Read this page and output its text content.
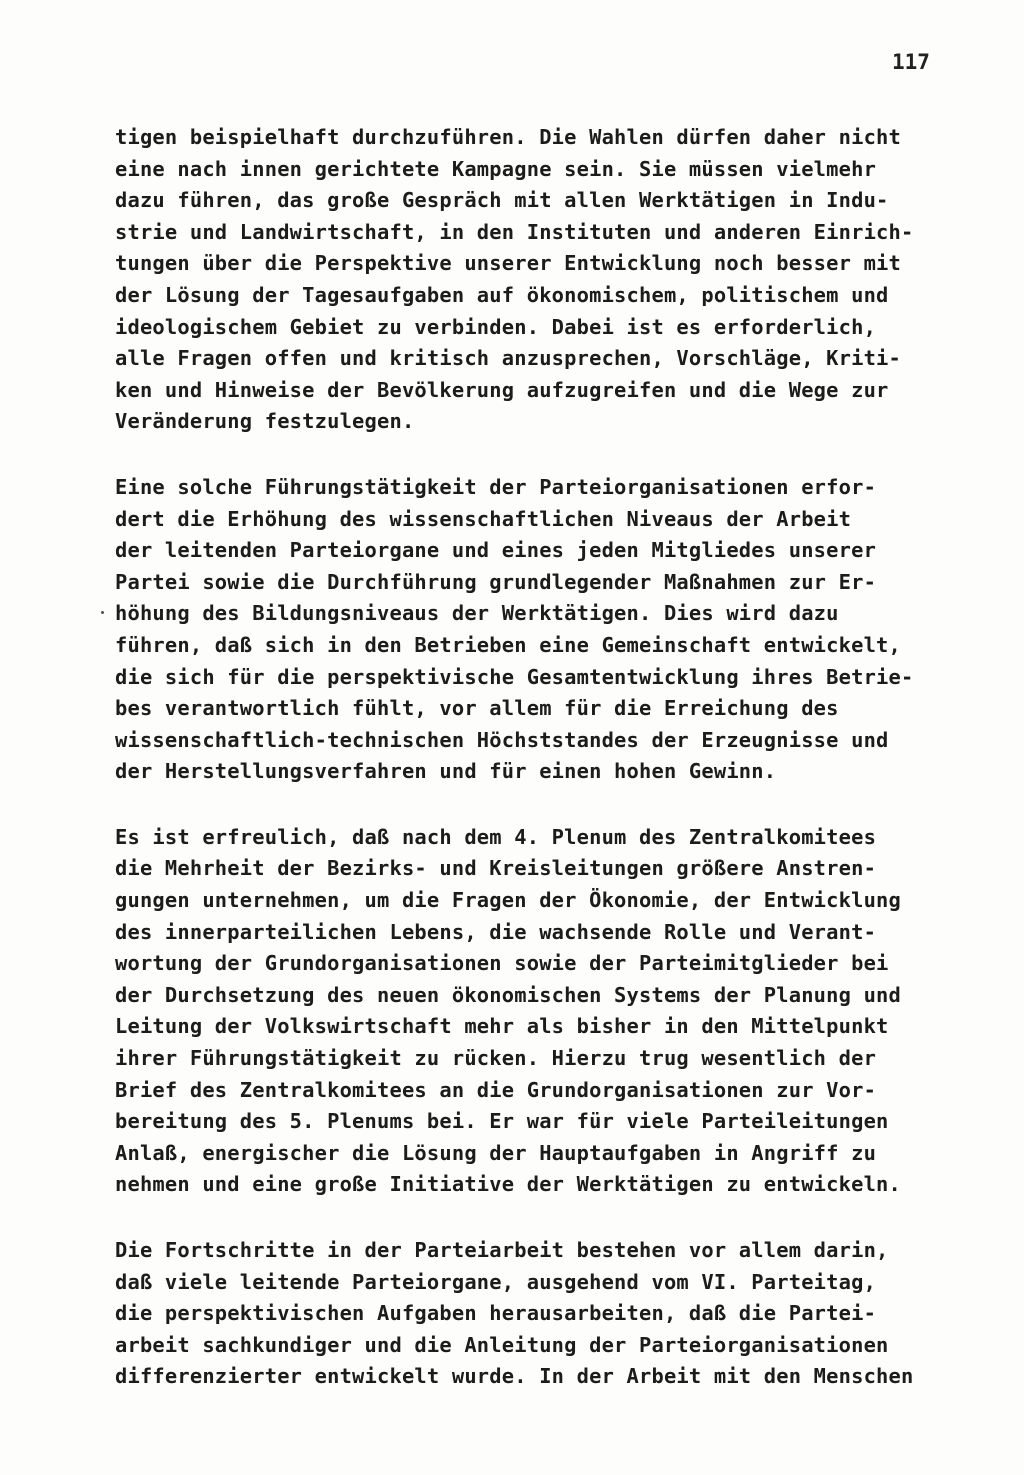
117
tigen beispielhaft durchzuführen. Die Wahlen dürfen daher nicht
eine nach innen gerichtete Kampagne sein. Sie müssen vielmehr
dazu führen, das große Gespräch mit allen Werktätigen in Indu-
strie und Landwirtschaft, in den Instituten und anderen Einrich-
tungen über die Perspektive unserer Entwicklung noch besser mit
der Lösung der Tagesaufgaben auf ökonomischem, politischem und
ideologischem Gebiet zu verbinden. Dabei ist es erforderlich,
alle Fragen offen und kritisch anzusprechen, Vorschläge, Kriti-
ken und Hinweise der Bevölkerung aufzugreifen und die Wege zur
Veränderung festzulegen.
Eine solche Führungstätigkeit der Parteiorganisationen erfor-
dert die Erhöhung des wissenschaftlichen Niveaus der Arbeit
der leitenden Parteiorgane und eines jeden Mitgliedes unserer
Partei sowie die Durchführung grundlegender Maßnahmen zur Er-
höhung des Bildungsniveaus der Werktätigen. Dies wird dazu
führen, daß sich in den Betrieben eine Gemeinschaft entwickelt,
die sich für die perspektivische Gesamtentwicklung ihres Betrie-
bes verantwortlich fühlt, vor allem für die Erreichung des
wissenschaftlich-technischen Höchststandes der Erzeugnisse und
der Herstellungsverfahren und für einen hohen Gewinn.
Es ist erfreulich, daß nach dem 4. Plenum des Zentralkomitees
die Mehrheit der Bezirks- und Kreisleitungen größere Anstren-
gungen unternehmen, um die Fragen der Ökonomie, der Entwicklung
des innerparteilichen Lebens, die wachsende Rolle und Verant-
wortung der Grundorganisationen sowie der Parteimitglieder bei
der Durchsetzung des neuen ökonomischen Systems der Planung und
Leitung der Volkswirtschaft mehr als bisher in den Mittelpunkt
ihrer Führungstätigkeit zu rücken. Hierzu trug wesentlich der
Brief des Zentralkomitees an die Grundorganisationen zur Vor-
bereitung des 5. Plenums bei. Er war für viele Parteileitungen
Anlaß, energischer die Lösung der Hauptaufgaben in Angriff zu
nehmen und eine große Initiative der Werktätigen zu entwickeln.
Die Fortschritte in der Parteiarbeit bestehen vor allem darin,
daß viele leitende Parteiorgane, ausgehend vom VI. Parteitag,
die perspektivischen Aufgaben herausarbeiten, daß die Partei-
arbeit sachkundiger und die Anleitung der Parteiorganisationen
differenzierter entwickelt wurde. In der Arbeit mit den Menschen
